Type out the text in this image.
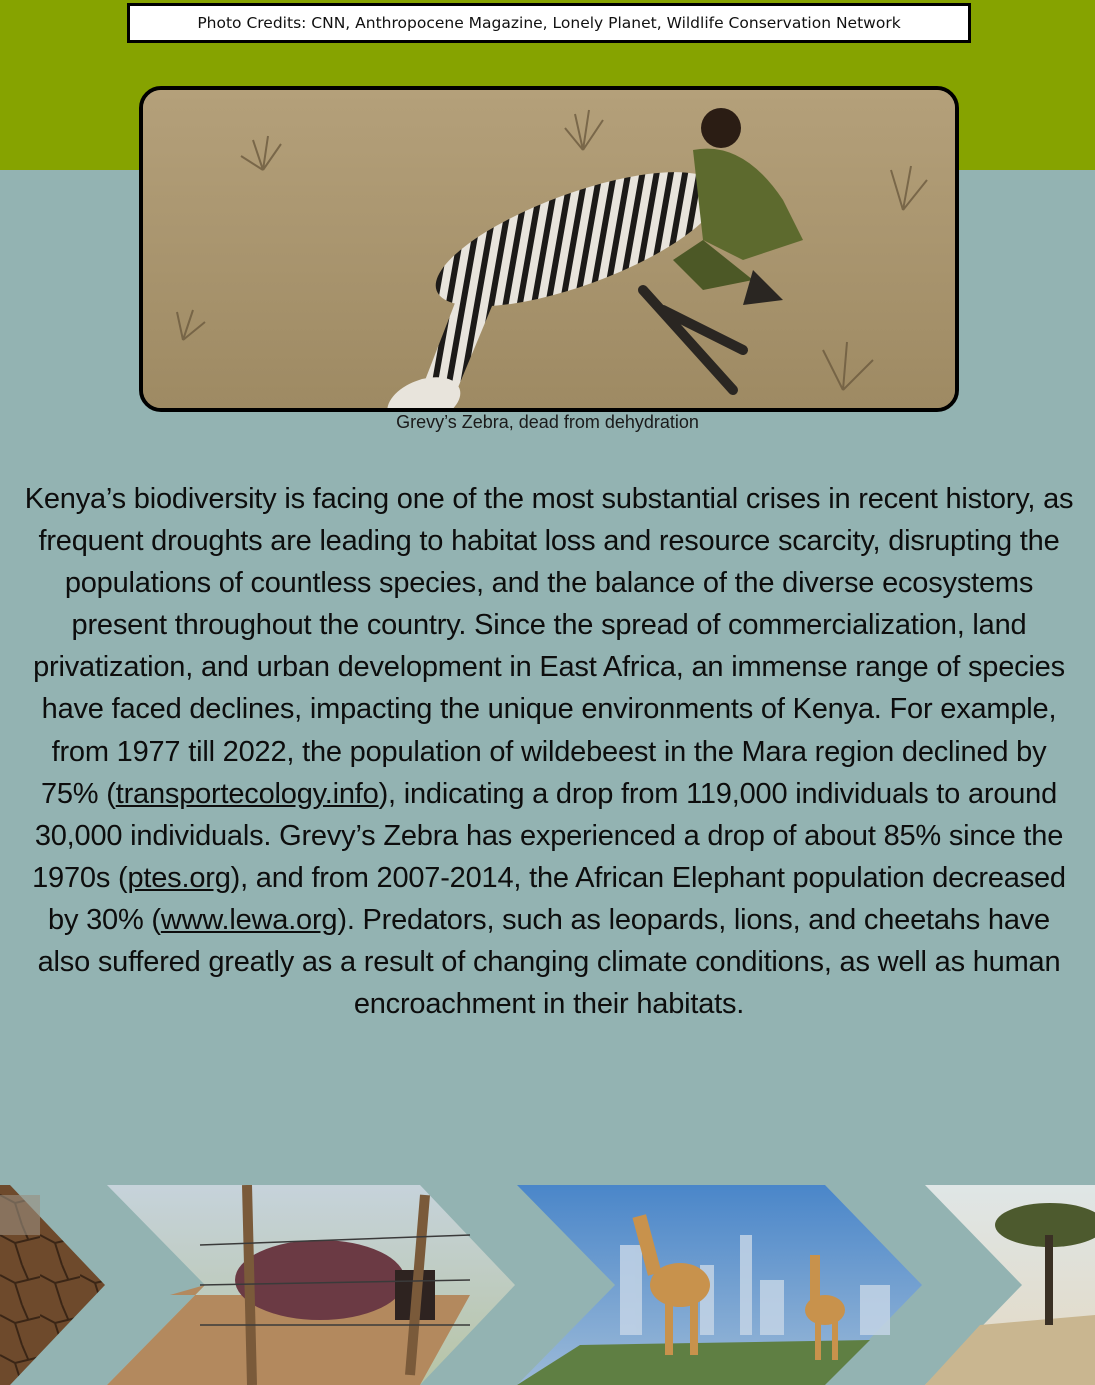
Photo Credits: CNN, Anthropocene Magazine, Lonely Planet, Wildlife Conservation Network
Grevy’s Zebra, dead from dehydration

Kenya’s biodiversity is facing one of the most substantial crises in recent history, as frequent droughts are leading to habitat loss and resource scarcity, disrupting the populations of countless species, and the balance of the diverse ecosystems present throughout the country. Since the spread of commercialization, land privatization, and urban development in East Africa, an immense range of species have faced declines, impacting the unique environments of Kenya. For example, from 1977 till 2022, the population of wildebeest in the Mara region declined by 75% (transportecology.info), indicating a drop from 119,000 individuals to around 30,000 individuals. Grevy’s Zebra has experienced a drop of about 85% since the 1970s (ptes.org), and from 2007-2014, the African Elephant population decreased by 30% (www.lewa.org). Predators, such as leopards, lions, and cheetahs have also suffered greatly as a result of changing climate conditions, as well as human encroachment in their habitats.
